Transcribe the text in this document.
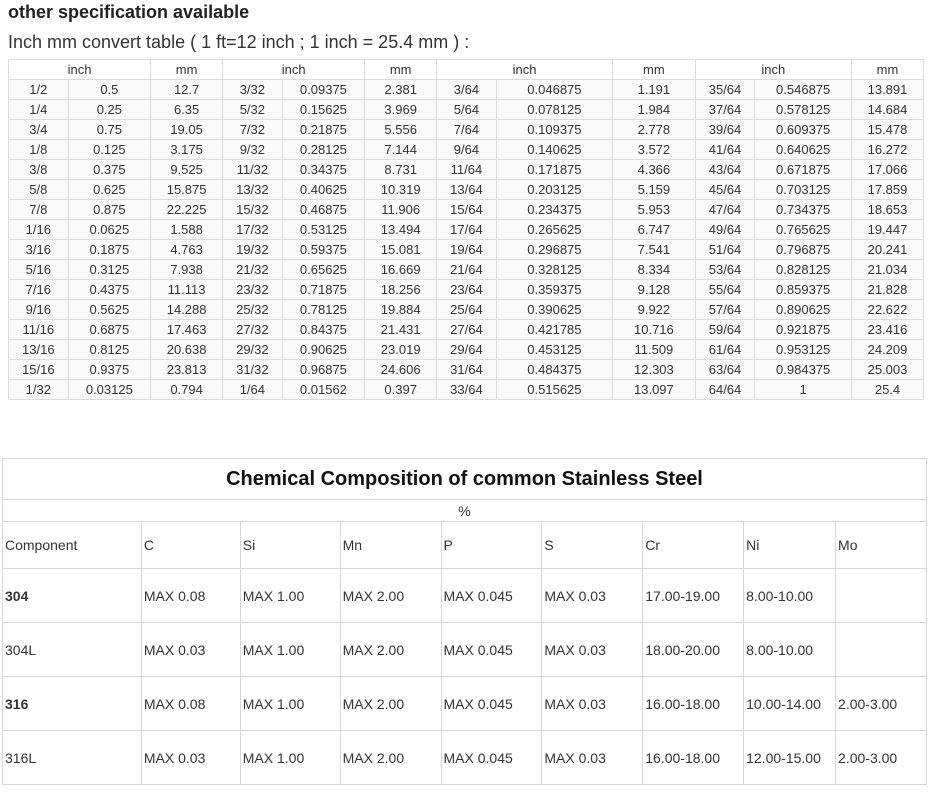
other specification available
Inch mm convert table ( 1 ft=12 inch ; 1 inch = 25.4 mm ) :
inch		mm	inch		mm	inch		mm	inch		mm
1/2	0.5	12.7	3/32	0.09375	2.381	3/64	0.046875	1.191	35/64	0.546875	13.891
1/4	0.25	6.35	5/32	0.15625	3.969	5/64	0.078125	1.984	37/64	0.578125	14.684
3/4	0.75	19.05	7/32	0.21875	5.556	7/64	0.109375	2.778	39/64	0.609375	15.478
1/8	0.125	3.175	9/32	0.28125	7.144	9/64	0.140625	3.572	41/64	0.640625	16.272
3/8	0.375	9.525	11/32	0.34375	8.731	11/64	0.171875	4.366	43/64	0.671875	17.066
5/8	0.625	15.875	13/32	0.40625	10.319	13/64	0.203125	5.159	45/64	0.703125	17.859
7/8	0.875	22.225	15/32	0.46875	11.906	15/64	0.234375	5.953	47/64	0.734375	18.653
1/16	0.0625	1.588	17/32	0.53125	13.494	17/64	0.265625	6.747	49/64	0.765625	19.447
3/16	0.1875	4.763	19/32	0.59375	15.081	19/64	0.296875	7.541	51/64	0.796875	20.241
5/16	0.3125	7.938	21/32	0.65625	16.669	21/64	0.328125	8.334	53/64	0.828125	21.034
7/16	0.4375	11.113	23/32	0.71875	18.256	23/64	0.359375	9.128	55/64	0.859375	21.828
9/16	0.5625	14.288	25/32	0.78125	19.884	25/64	0.390625	9.922	57/64	0.890625	22.622
11/16	0.6875	17.463	27/32	0.84375	21.431	27/64	0.421785	10.716	59/64	0.921875	23.416
13/16	0.8125	20.638	29/32	0.90625	23.019	29/64	0.453125	11.509	61/64	0.953125	24.209
15/16	0.9375	23.813	31/32	0.96875	24.606	31/64	0.484375	12.303	63/64	0.984375	25.003
1/32	0.03125	0.794	1/64	0.01562	0.397	33/64	0.515625	13.097	64/64	1	25.4
Chemical Composition of common Stainless Steel								
%								
Component	C	Si	Mn	P	S	Cr	Ni	Mo
304	MAX 0.08	MAX 1.00	MAX 2.00	MAX 0.045	MAX 0.03	17.00-19.00	8.00-10.00	
304L	MAX 0.03	MAX 1.00	MAX 2.00	MAX 0.045	MAX 0.03	18.00-20.00	8.00-10.00	
316	MAX 0.08	MAX 1.00	MAX 2.00	MAX 0.045	MAX 0.03	16.00-18.00	10.00-14.00	2.00-3.00
316L	MAX 0.03	MAX 1.00	MAX 2.00	MAX 0.045	MAX 0.03	16.00-18.00	12.00-15.00	2.00-3.00
